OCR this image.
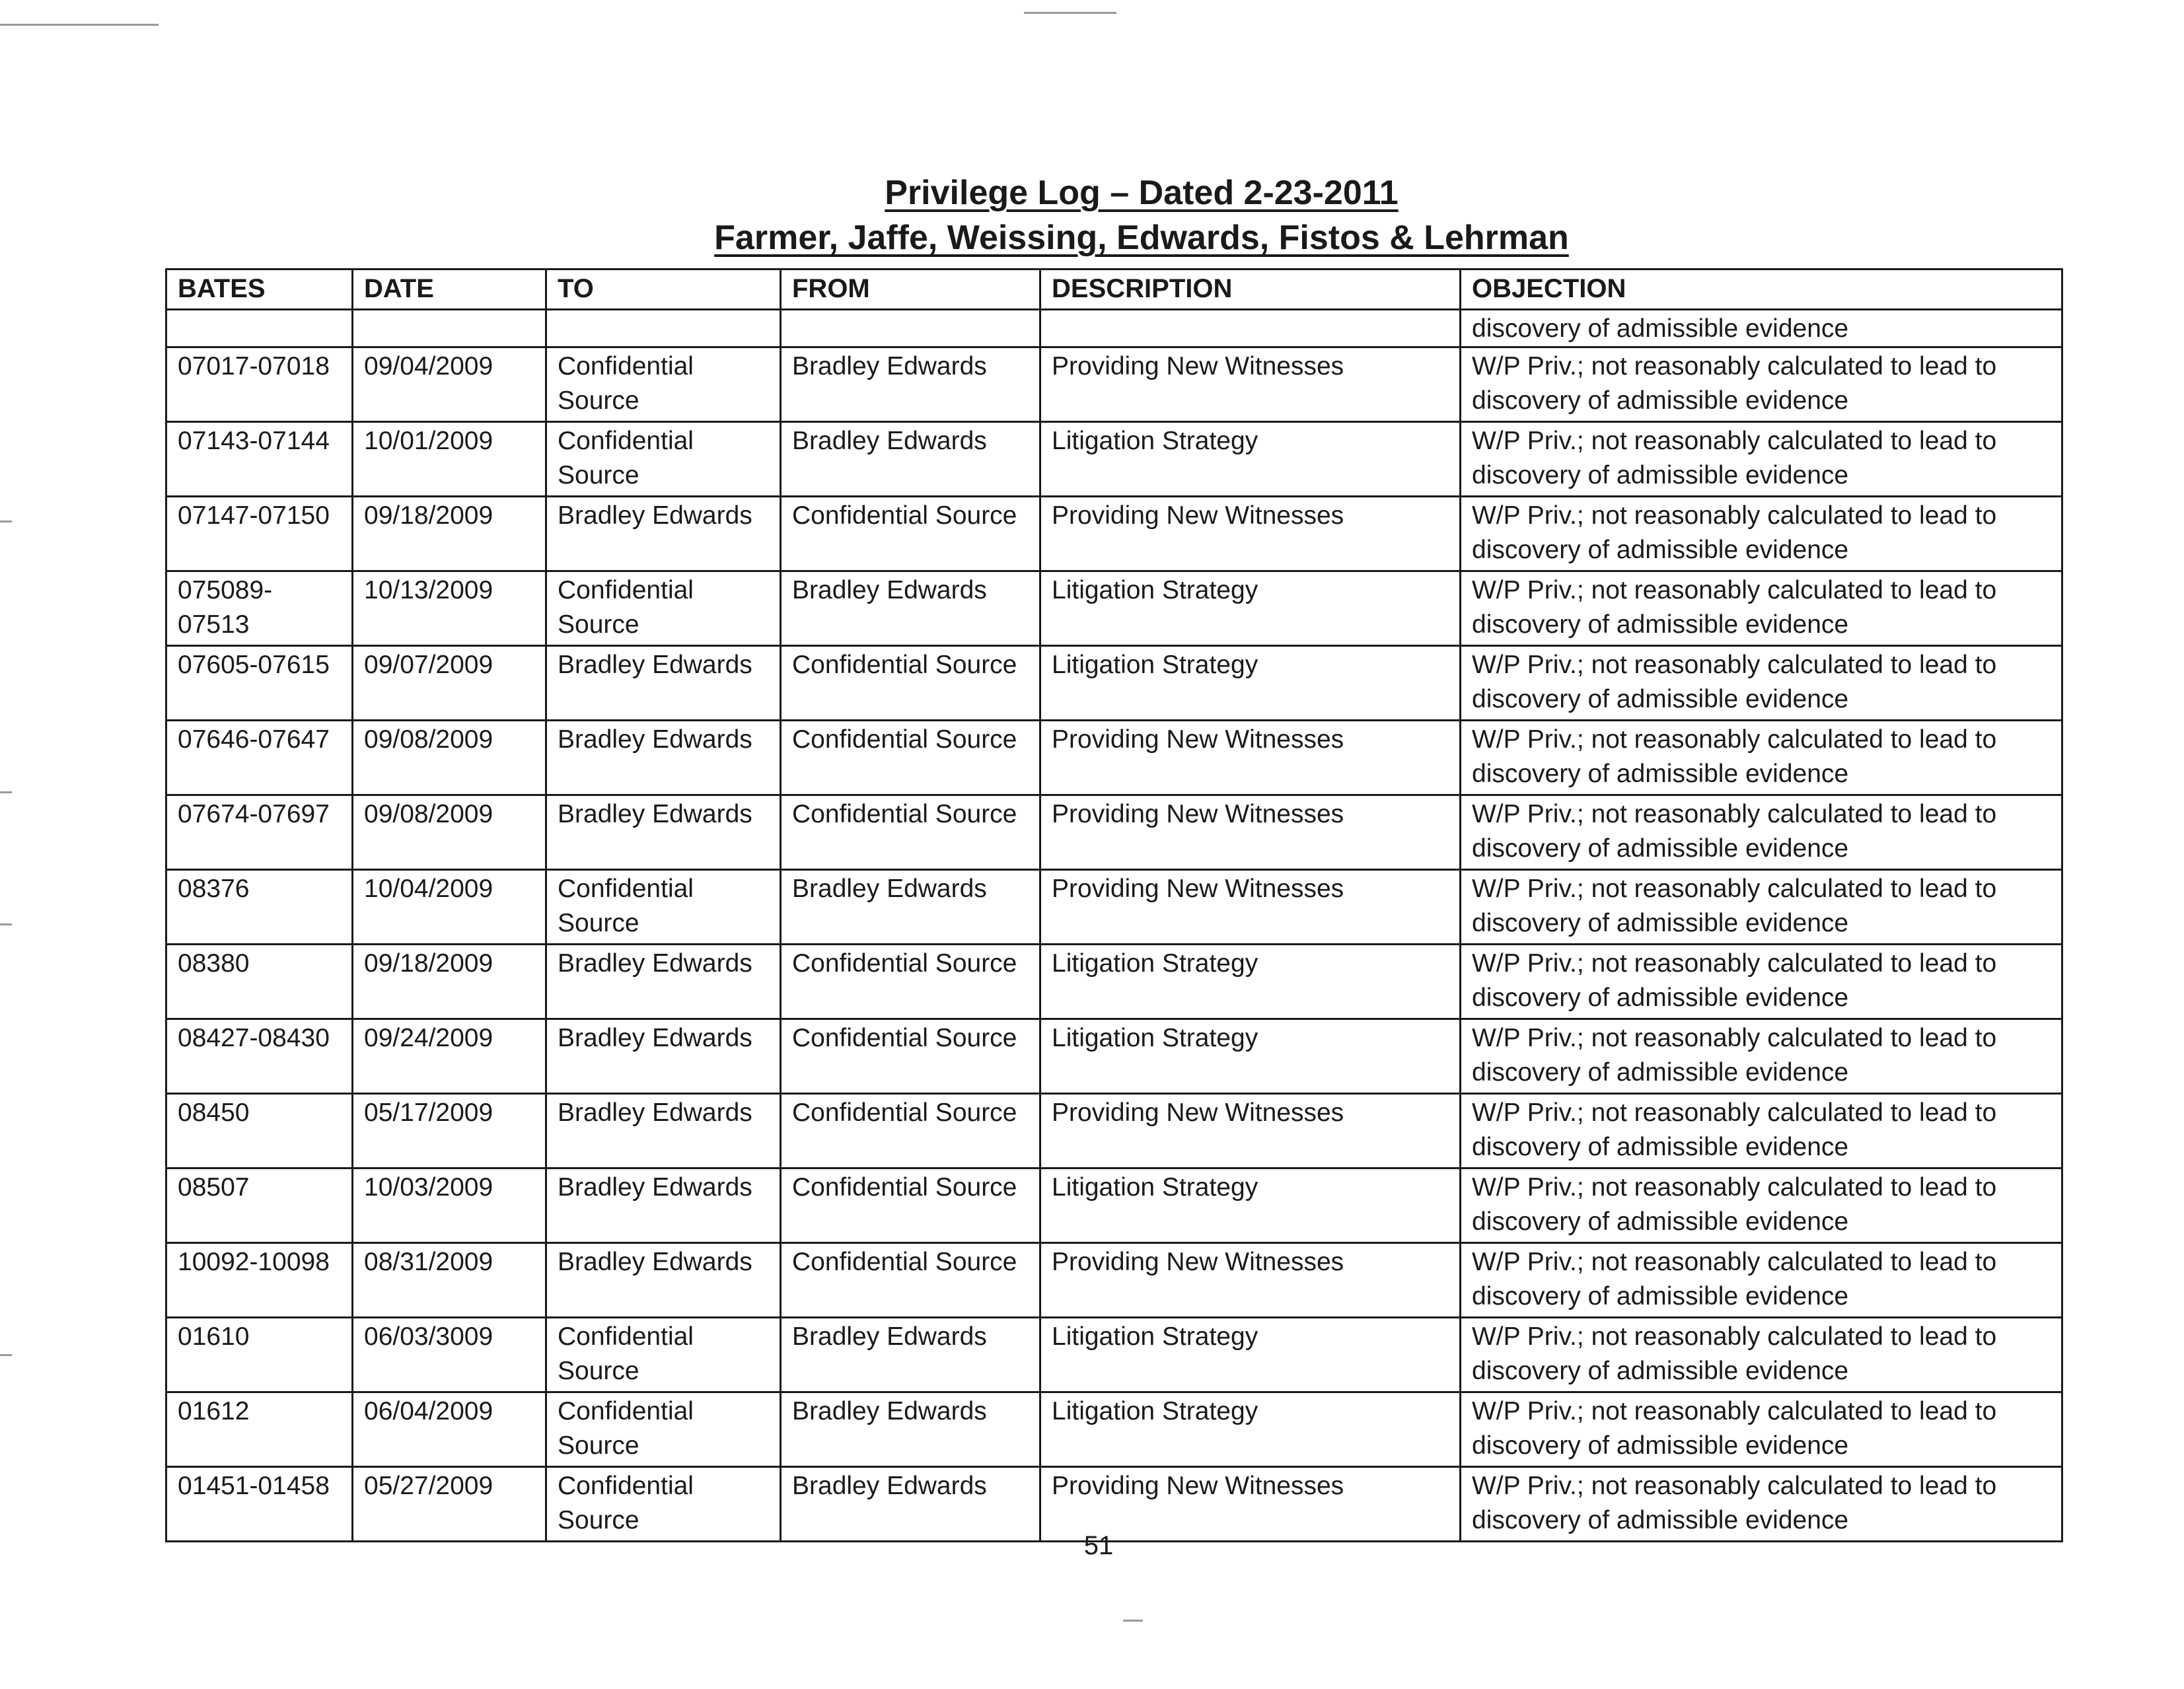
Privilege Log – Dated 2-23-2011
Farmer, Jaffe, Weissing, Edwards, Fistos & Lehrman
BATES	DATE	TO	FROM	DESCRIPTION	OBJECTION
					discovery of admissible evidence
07017-07018	09/04/2009	Confidential Source	Bradley Edwards	Providing New Witnesses	W/P Priv.; not reasonably calculated to lead to discovery of admissible evidence
07143-07144	10/01/2009	Confidential Source	Bradley Edwards	Litigation Strategy	W/P Priv.; not reasonably calculated to lead to discovery of admissible evidence
07147-07150	09/18/2009	Bradley Edwards	Confidential Source	Providing New Witnesses	W/P Priv.; not reasonably calculated to lead to discovery of admissible evidence
075089-07513	10/13/2009	Confidential Source	Bradley Edwards	Litigation Strategy	W/P Priv.; not reasonably calculated to lead to discovery of admissible evidence
07605-07615	09/07/2009	Bradley Edwards	Confidential Source	Litigation Strategy	W/P Priv.; not reasonably calculated to lead to discovery of admissible evidence
07646-07647	09/08/2009	Bradley Edwards	Confidential Source	Providing New Witnesses	W/P Priv.; not reasonably calculated to lead to discovery of admissible evidence
07674-07697	09/08/2009	Bradley Edwards	Confidential Source	Providing New Witnesses	W/P Priv.; not reasonably calculated to lead to discovery of admissible evidence
08376	10/04/2009	Confidential Source	Bradley Edwards	Providing New Witnesses	W/P Priv.; not reasonably calculated to lead to discovery of admissible evidence
08380	09/18/2009	Bradley Edwards	Confidential Source	Litigation Strategy	W/P Priv.; not reasonably calculated to lead to discovery of admissible evidence
08427-08430	09/24/2009	Bradley Edwards	Confidential Source	Litigation Strategy	W/P Priv.; not reasonably calculated to lead to discovery of admissible evidence
08450	05/17/2009	Bradley Edwards	Confidential Source	Providing New Witnesses	W/P Priv.; not reasonably calculated to lead to discovery of admissible evidence
08507	10/03/2009	Bradley Edwards	Confidential Source	Litigation Strategy	W/P Priv.; not reasonably calculated to lead to discovery of admissible evidence
10092-10098	08/31/2009	Bradley Edwards	Confidential Source	Providing New Witnesses	W/P Priv.; not reasonably calculated to lead to discovery of admissible evidence
01610	06/03/3009	Confidential Source	Bradley Edwards	Litigation Strategy	W/P Priv.; not reasonably calculated to lead to discovery of admissible evidence
01612	06/04/2009	Confidential Source	Bradley Edwards	Litigation Strategy	W/P Priv.; not reasonably calculated to lead to discovery of admissible evidence
01451-01458	05/27/2009	Confidential Source	Bradley Edwards	Providing New Witnesses	W/P Priv.; not reasonably calculated to lead to discovery of admissible evidence
51
